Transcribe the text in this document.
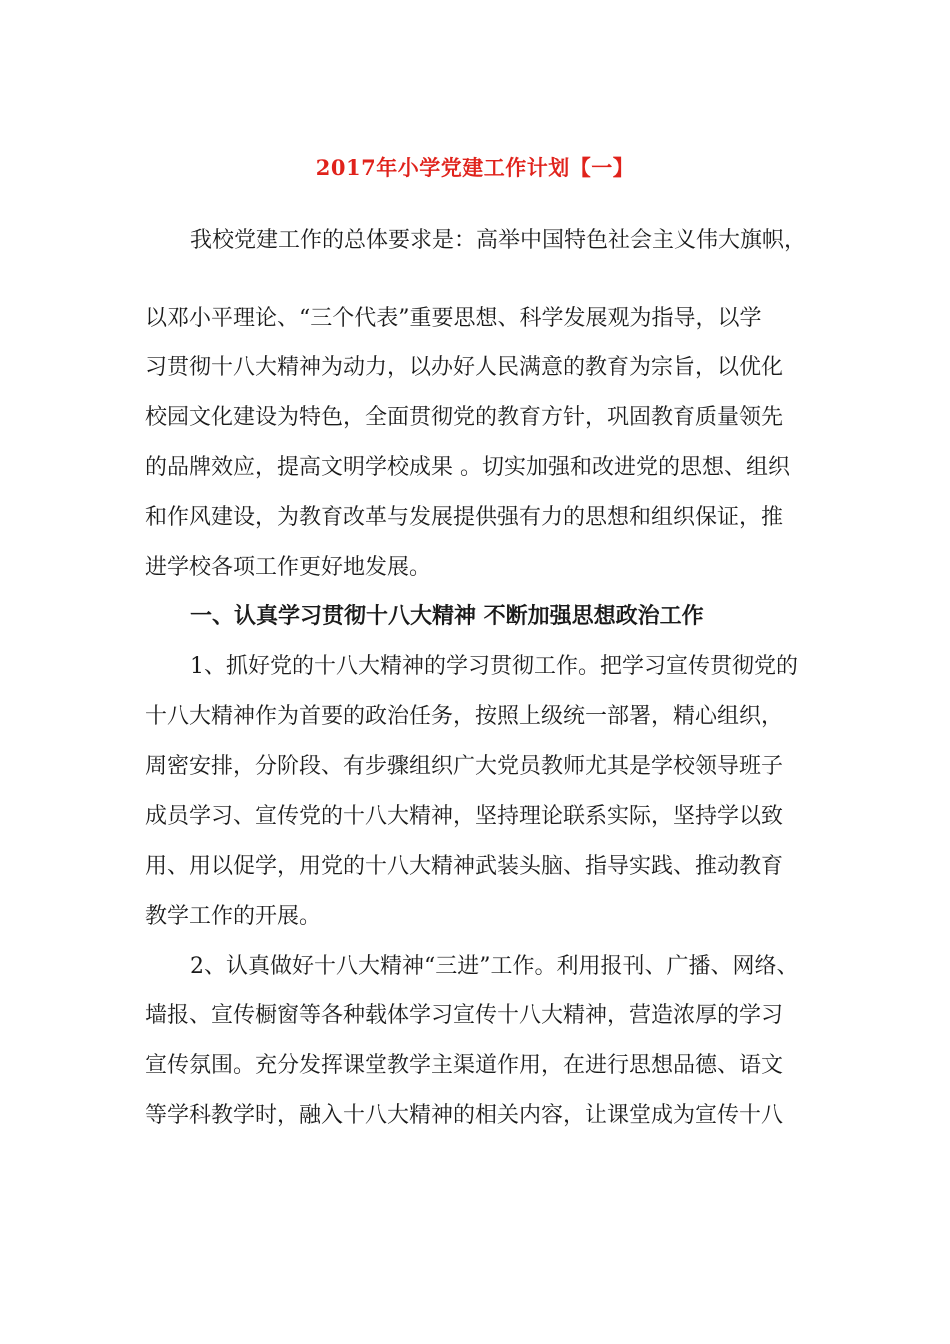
2017年小学党建工作计划【一】
我校党建工作的总体要求是：高举中国特色社会主义伟大旗帜，
以邓小平理论、“三个代表”重要思想、科学发展观为指导，以学
习贯彻十八大精神为动力，以办好人民满意的教育为宗旨，以优化
校园文化建设为特色，全面贯彻党的教育方针，巩固教育质量领先
的品牌效应，提高文明学校成果 。切实加强和改进党的思想、组织
和作风建设，为教育改革与发展提供强有力的思想和组织保证，推
进学校各项工作更好地发展。
一、认真学习贯彻十八大精神 不断加强思想政治工作
1、抓好党的十八大精神的学习贯彻工作。把学习宣传贯彻党的
十八大精神作为首要的政治任务，按照上级统一部署，精心组织，
周密安排，分阶段、有步骤组织广大党员教师尤其是学校领导班子
成员学习、宣传党的十八大精神，坚持理论联系实际，坚持学以致
用、用以促学，用党的十八大精神武装头脑、指导实践、推动教育
教学工作的开展。
2、认真做好十八大精神“三进”工作。利用报刊、广播、网络、
墙报、宣传橱窗等各种载体学习宣传十八大精神，营造浓厚的学习
宣传氛围。充分发挥课堂教学主渠道作用，在进行思想品德、语文
等学科教学时，融入十八大精神的相关内容，让课堂成为宣传十八
